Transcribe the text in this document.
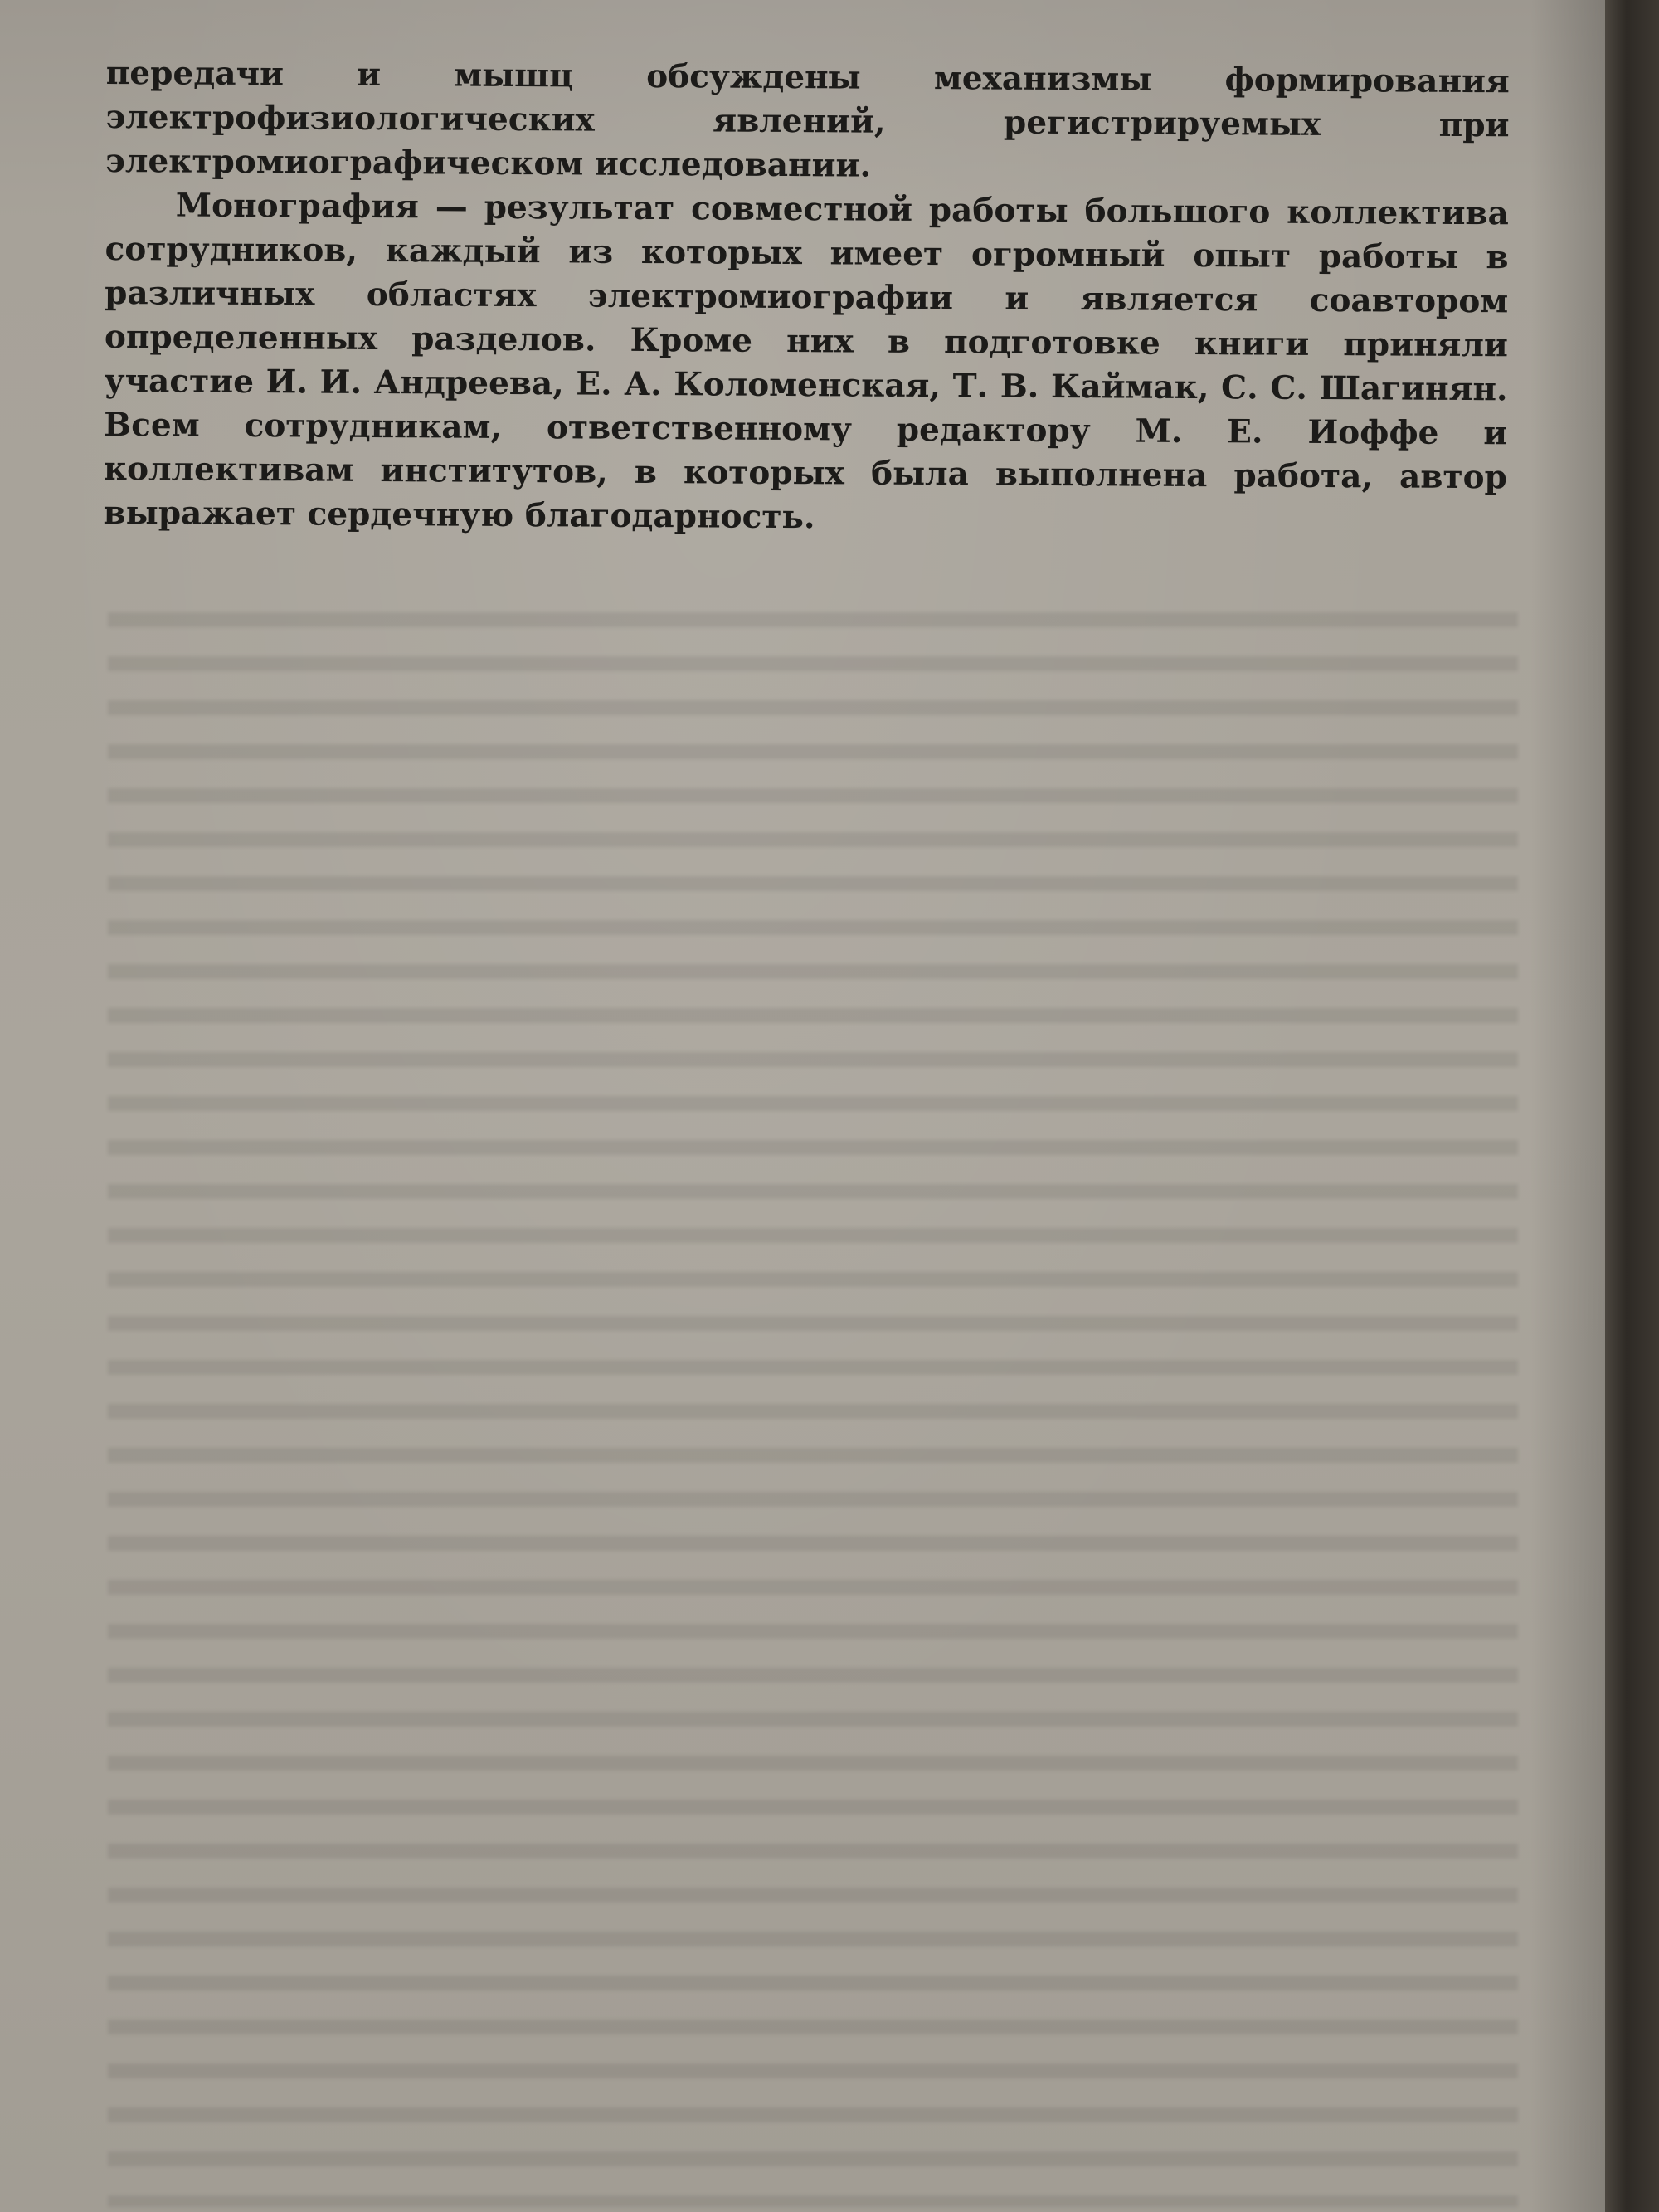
передачи и мышц обсуждены механизмы формирования электрофизиологических явлений, регистрируемых при электромиографическом исследовании.

Монография — результат совместной работы большого коллектива сотрудников, каждый из которых имеет огромный опыт работы в различных областях электромиографии и является соавтором определенных разделов. Кроме них в подготовке книги приняли участие И. И. Андреева, Е. А. Коломенская, Т. В. Каймак, С. С. Шагинян. Всем сотрудникам, ответственному редактору М. Е. Иоффе и коллективам институтов, в которых была выполнена работа, автор выражает сердечную благодарность.
